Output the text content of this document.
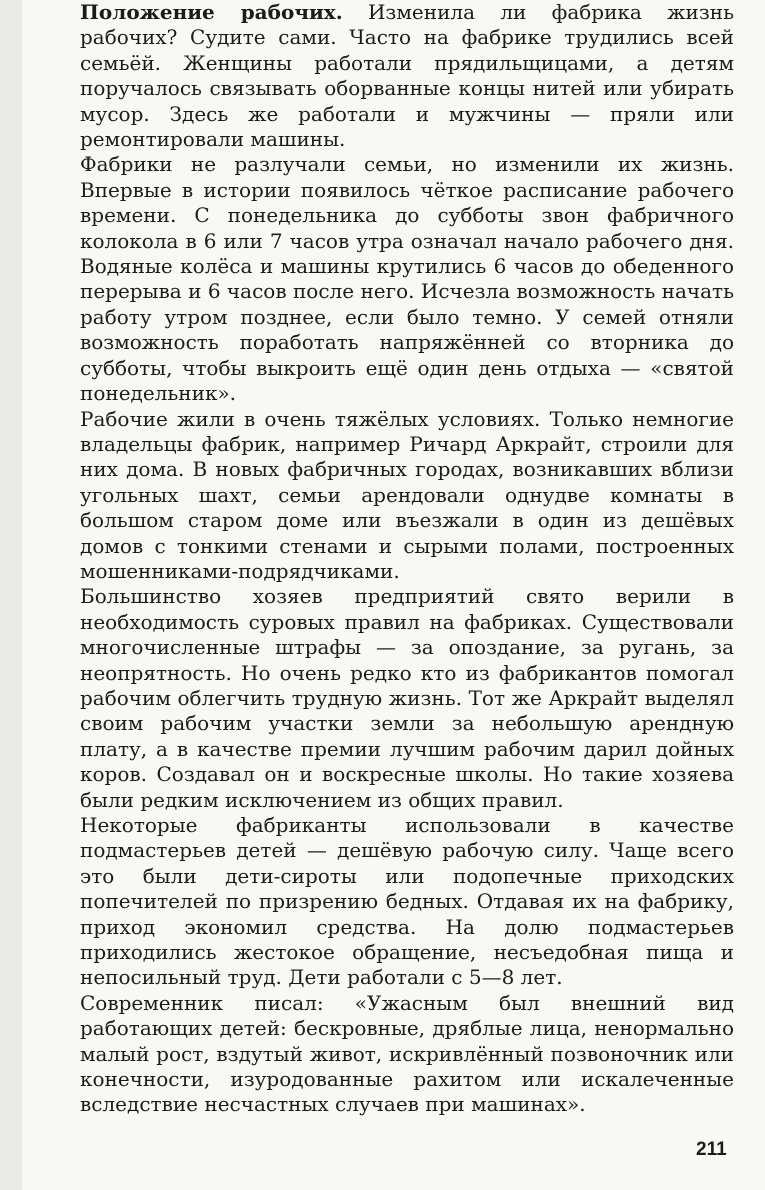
Положение рабочих. Изменила ли фабрика жизнь рабочих? Судите сами. Часто на фабрике трудились всей семьёй. Женщины работали прядильщицами, а детям поручалось связывать оборванные концы нитей или убирать мусор. Здесь же работали и мужчины — пряли или ремонтировали машины.

Фабрики не разлучали семьи, но изменили их жизнь. Впервые в истории появилось чёткое расписание рабочего времени. С понедельника до субботы звон фабричного колокола в 6 или 7 часов утра означал начало рабочего дня. Водяные колёса и машины крутились 6 часов до обеденного перерыва и 6 часов после него. Исчезла возможность начать работу утром позднее, если было темно. У семей отняли возможность поработать напряжённей со вторника до субботы, чтобы выкроить ещё один день отдыха — «святой понедельник».

Рабочие жили в очень тяжёлых условиях. Только немногие владельцы фабрик, например Ричард Аркрайт, строили для них дома. В новых фабричных городах, возникавших вблизи угольных шахт, семьи арендовали однудве комнаты в большом старом доме или въезжали в один из дешёвых домов с тонкими стенами и сырыми полами, построенных мошенниками-подрядчиками.

Большинство хозяев предприятий свято верили в необходимость суровых правил на фабриках. Существовали многочисленные штрафы — за опоздание, за ругань, за неопрятность. Но очень редко кто из фабрикантов помогал рабочим облегчить трудную жизнь. Тот же Аркрайт выделял своим рабочим участки земли за небольшую арендную плату, а в качестве премии лучшим рабочим дарил дойных коров. Создавал он и воскресные школы. Но такие хозяева были редким исключением из общих правил.

Некоторые фабриканты использовали в качестве подмастерьев детей — дешёвую рабочую силу. Чаще всего это были дети-сироты или подопечные приходских попечителей по призрению бедных. Отдавая их на фабрику, приход экономил средства. На долю подмастерьев приходились жестокое обращение, несъедобная пища и непосильный труд. Дети работали с 5—8 лет.

Современник писал: «Ужасным был внешний вид работающих детей: бескровные, дряблые лица, ненормально малый рост, вздутый живот, искривлённый позвоночник или конечности, изуродованные рахитом или искалеченные вследствие несчастных случаев при машинах».

211
